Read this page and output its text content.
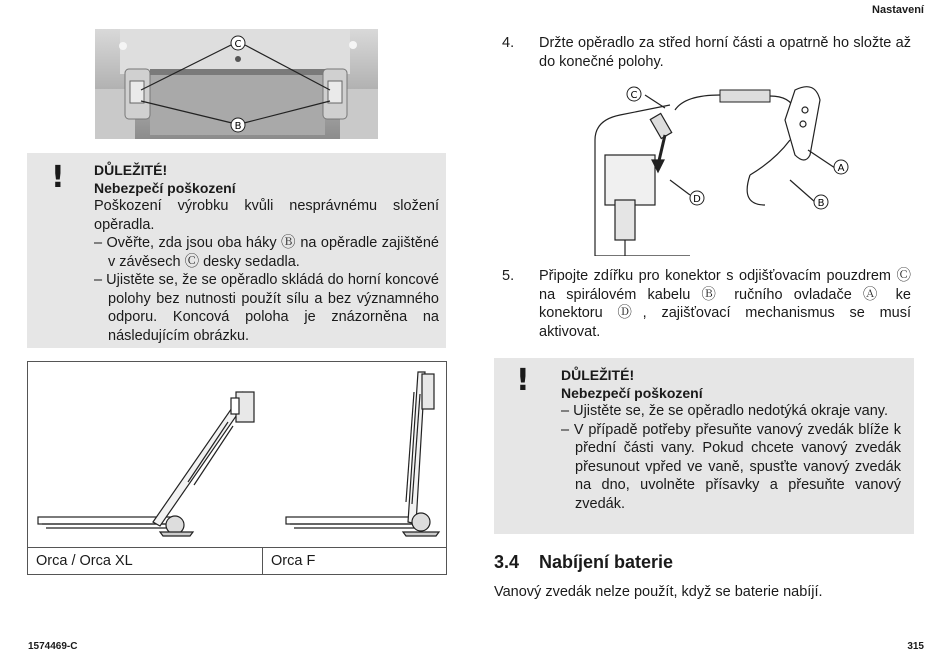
Nastavení
C
B
! DŮLEŽITÉ!
Nebezpečí poškození
Poškození výrobku kvůli nesprávnému složení opěradla.
– Ověřte, zda jsou oba háky Ⓑ na opěradle zajištěné v závěsech Ⓒ desky sedadla.
– Ujistěte se, že se opěradlo skládá do horní koncové polohy bez nutnosti použít sílu a bez významného odporu. Koncová poloha je znázorněna na následujícím obrázku.
Orca / Orca XL	Orca F
4. Držte opěradlo za střed horní části a opatrně ho složte až do konečné polohy.
C
A
B
D
5. Připojte zdířku pro konektor s odjišťovacím pouzdrem Ⓒ na spirálovém kabelu Ⓑ ručního ovladače Ⓐ ke konektoru Ⓓ, zajišťovací mechanismus se musí aktivovat.
! DŮLEŽITÉ!
Nebezpečí poškození
– Ujistěte se, že se opěradlo nedotýká okraje vany.
– V případě potřeby přesuňte vanový zvedák blíže k přední části vany. Pokud chcete vanový zvedák přesunout vpřed ve vaně, spusťte vanový zvedák na dno, uvolněte přísavky a přesuňte vanový zvedák.
3.4 Nabíjení baterie
Vanový zvedák nelze použít, když se baterie nabíjí.
1574469-C	315
